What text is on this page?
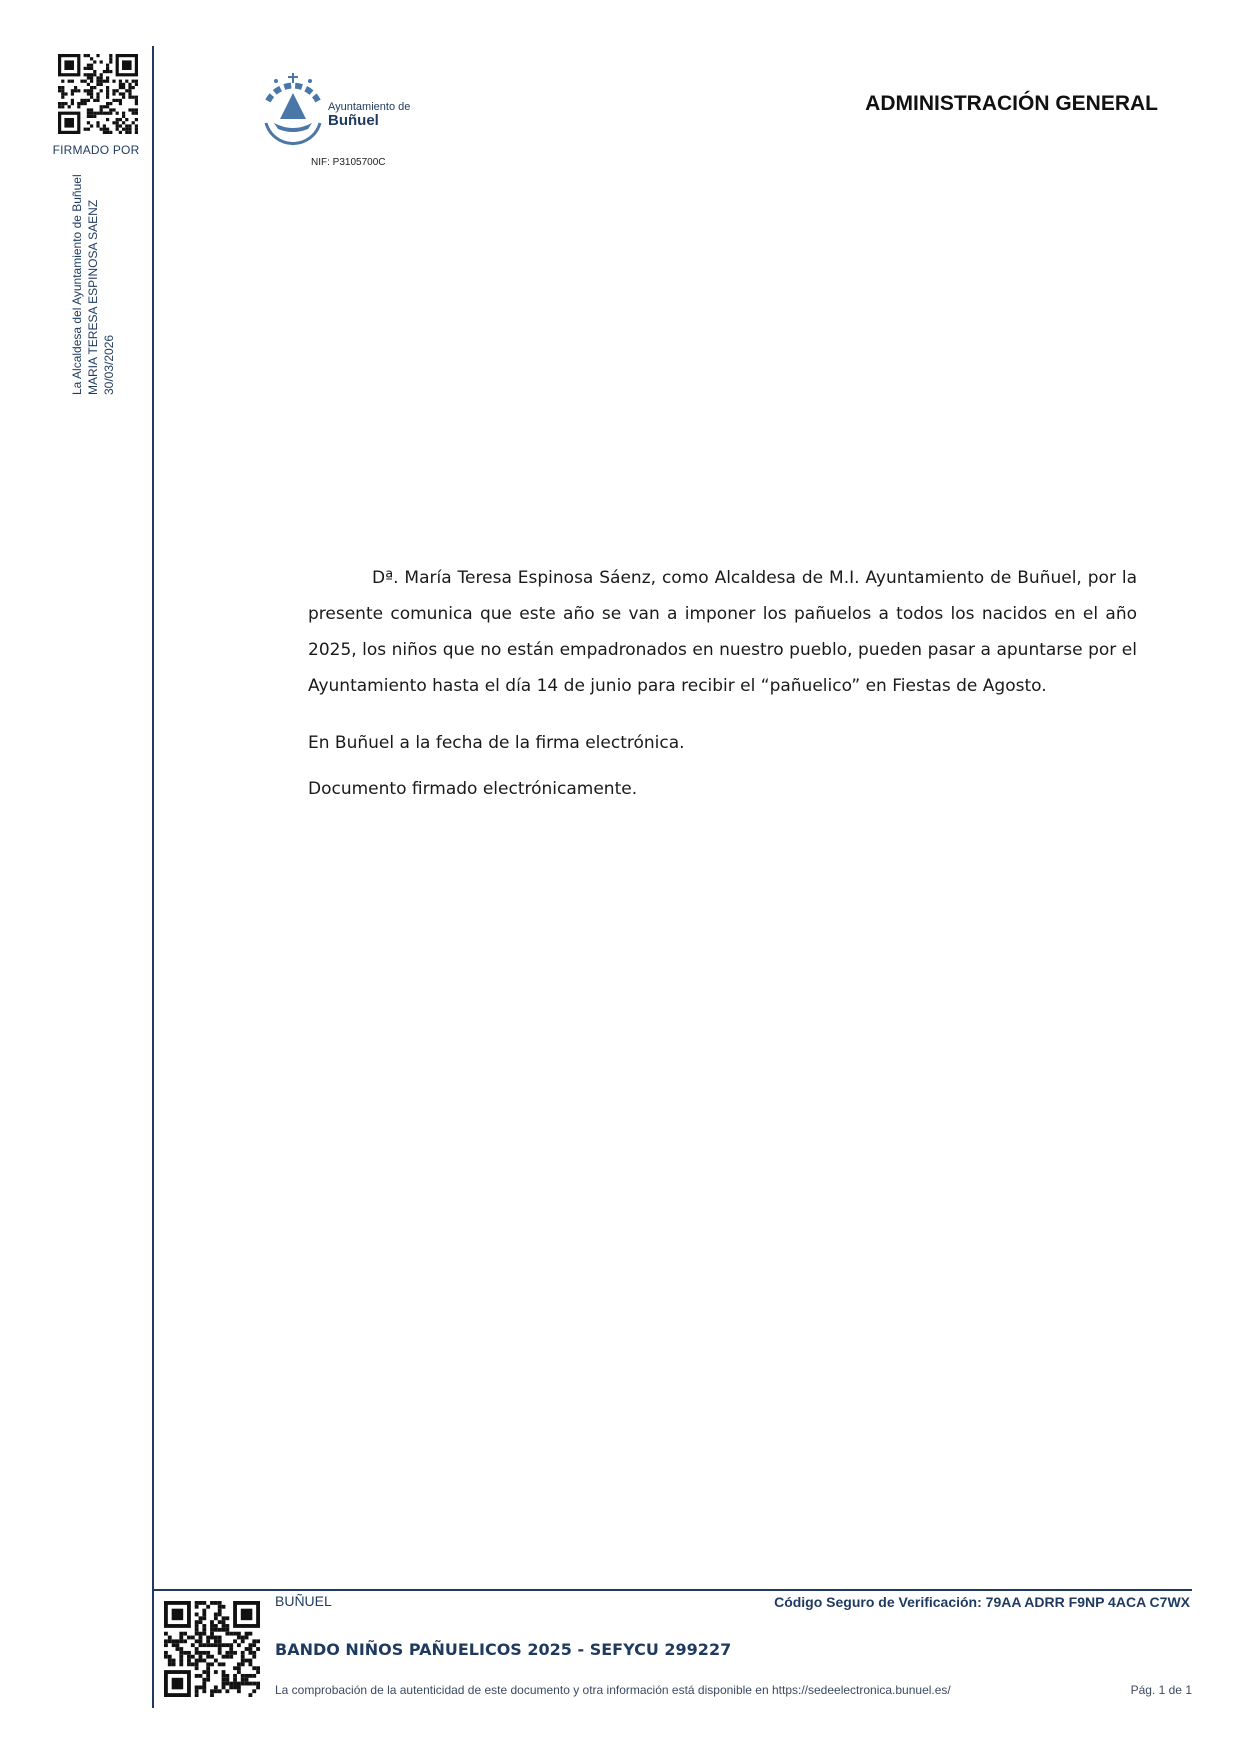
FIRMADO POR
La Alcaldesa del Ayuntamiento de Buñuel MARIA TERESA ESPINOSA SAENZ 30/03/2026
Ayuntamiento de
Buñuel
NIF: P3105700C
ADMINISTRACIÓN GENERAL

Dª. María Teresa Espinosa Sáenz, como Alcaldesa de M.I. Ayuntamiento de Buñuel, por la presente comunica que este año se van a imponer los pañuelos a todos los nacidos en el año 2025, los niños que no están empadronados en nuestro pueblo, pueden pasar a apuntarse por el Ayuntamiento hasta el día 14 de junio para recibir el “pañuelico” en Fiestas de Agosto.

En Buñuel a la fecha de la firma electrónica.

Documento firmado electrónicamente.

BUÑUEL	Código Seguro de Verificación: 79AA ADRR F9NP 4ACA C7WX
BANDO NIÑOS PAÑUELICOS 2025 - SEFYCU 299227
La comprobación de la autenticidad de este documento y otra información está disponible en https://sedeelectronica.bunuel.es/	Pág. 1 de 1
